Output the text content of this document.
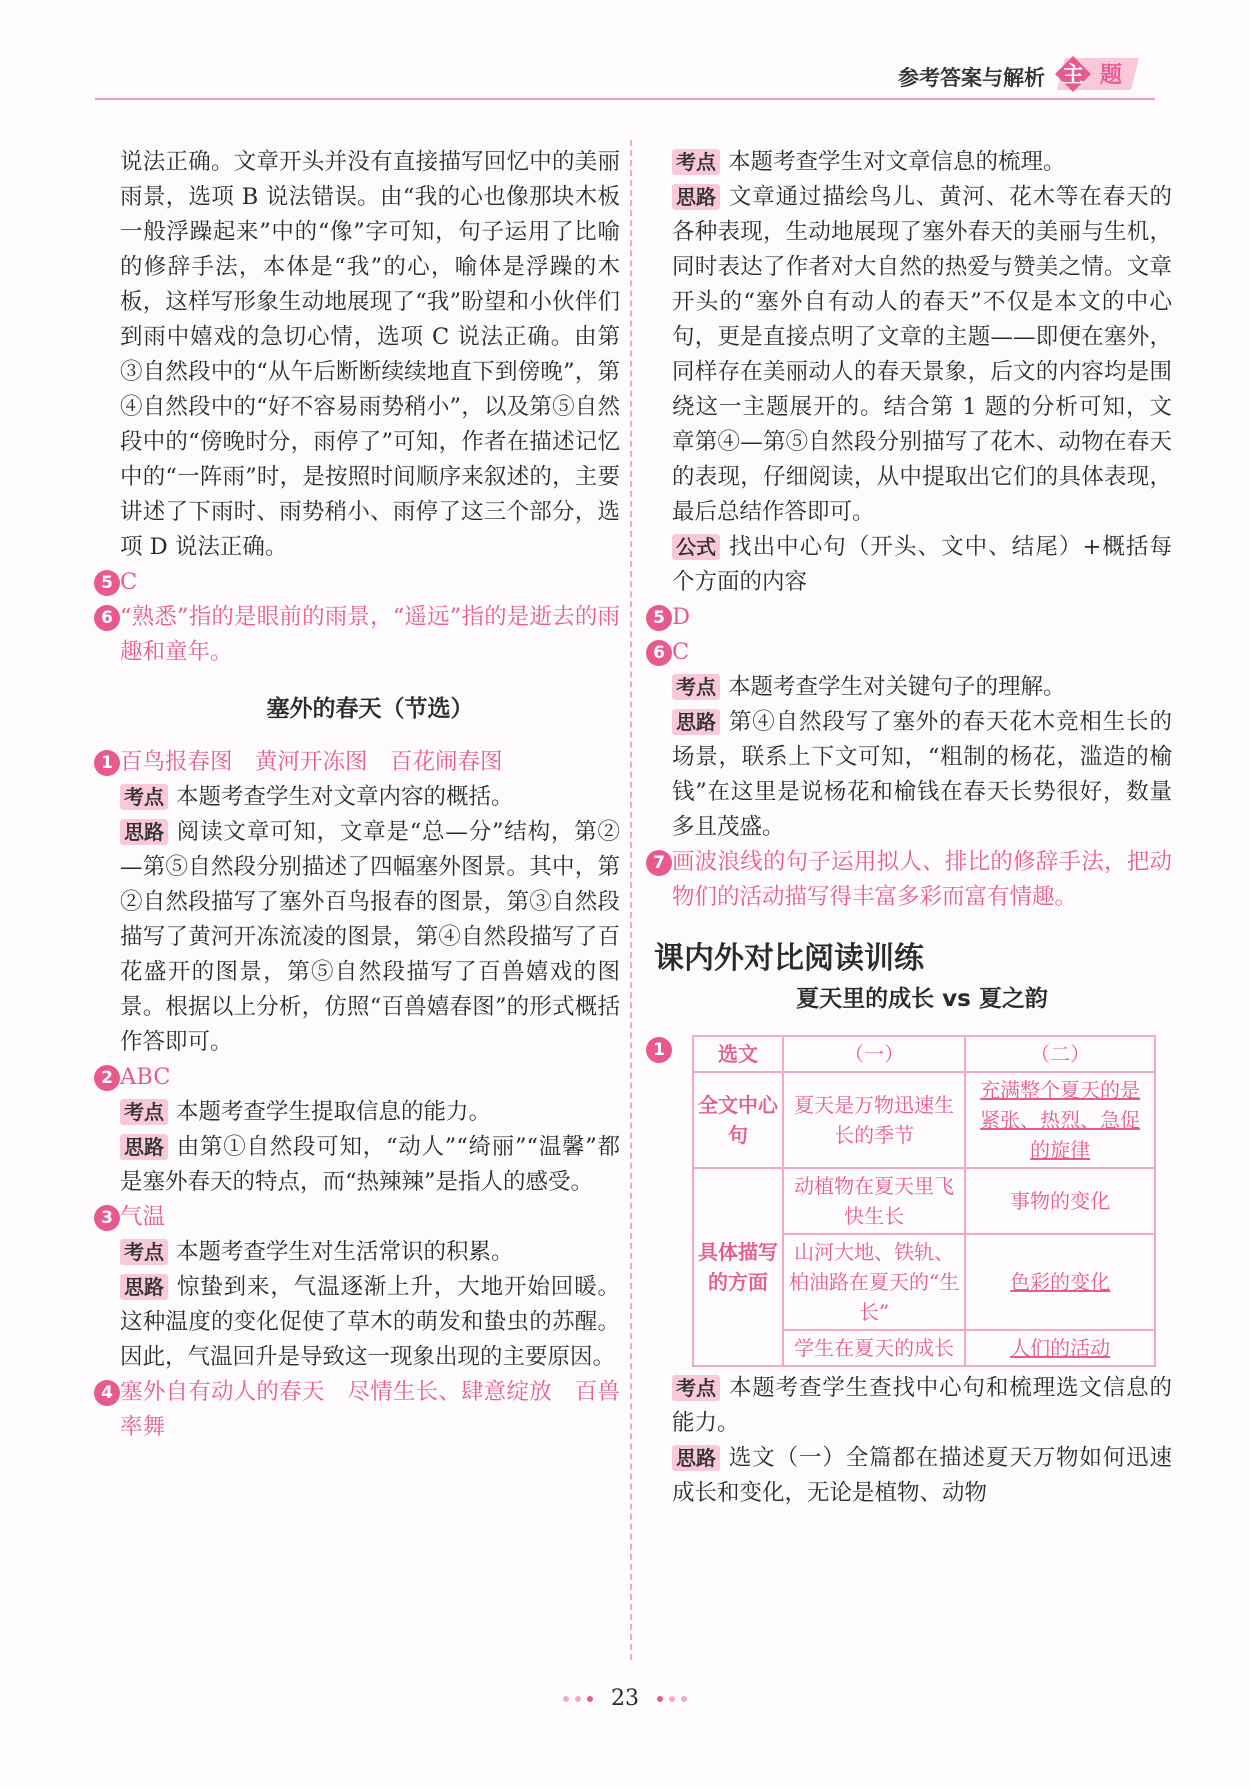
参考答案与解析 主 题

说法正确。文章开头并没有直接描写回忆中的美丽雨景，选项 B 说法错误。由“我的心也像那块木板一般浮躁起来”中的“像”字可知，句子运用了比喻的修辞手法，本体是“我”的心，喻体是浮躁的木板，这样写形象生动地展现了“我”盼望和小伙伴们到雨中嬉戏的急切心情，选项 C 说法正确。由第③自然段中的“从午后断断续续地直下到傍晚”，第④自然段中的“好不容易雨势稍小”，以及第⑤自然段中的“傍晚时分，雨停了”可知，作者在描述记忆中的“一阵雨”时，是按照时间顺序来叙述的，主要讲述了下雨时、雨势稍小、雨停了这三个部分，选项 D 说法正确。

5 C

6 “熟悉”指的是眼前的雨景，“遥远”指的是逝去的雨趣和童年。

塞外的春天（节选）

1 百鸟报春图　黄河开冻图　百花闹春图

考点 本题考查学生对文章内容的概括。

思路 阅读文章可知，文章是“总—分”结构，第②—第⑤自然段分别描述了四幅塞外图景。其中，第②自然段描写了塞外百鸟报春的图景，第③自然段描写了黄河开冻流凌的图景，第④自然段描写了百花盛开的图景，第⑤自然段描写了百兽嬉戏的图景。根据以上分析，仿照“百兽嬉春图”的形式概括作答即可。

2 ABC

考点 本题考查学生提取信息的能力。

思路 由第①自然段可知，“动人”“绮丽”“温馨”都是塞外春天的特点，而“热辣辣”是指人的感受。

3 气温

考点 本题考查学生对生活常识的积累。

思路 惊蛰到来，气温逐渐上升，大地开始回暖。这种温度的变化促使了草木的萌发和蛰虫的苏醒。因此，气温回升是导致这一现象出现的主要原因。

4 塞外自有动人的春天　尽情生长、肆意绽放　百兽率舞

考点 本题考查学生对文章信息的梳理。

思路 文章通过描绘鸟儿、黄河、花木等在春天的各种表现，生动地展现了塞外春天的美丽与生机，同时表达了作者对大自然的热爱与赞美之情。文章开头的“塞外自有动人的春天”不仅是本文的中心句，更是直接点明了文章的主题——即便在塞外，同样存在美丽动人的春天景象，后文的内容均是围绕这一主题展开的。结合第 1 题的分析可知，文章第④—第⑤自然段分别描写了花木、动物在春天的表现，仔细阅读，从中提取出它们的具体表现，最后总结作答即可。

公式 找出中心句（开头、文中、结尾）+概括每个方面的内容

5 D

6 C

考点 本题考查学生对关键句子的理解。

思路 第④自然段写了塞外的春天花木竞相生长的场景，联系上下文可知，“粗制的杨花，滥造的榆钱”在这里是说杨花和榆钱在春天长势很好，数量多且茂盛。

7 画波浪线的句子运用拟人、排比的修辞手法，把动物们的活动描写得丰富多彩而富有情趣。

课内外对比阅读训练
夏天里的成长 vs 夏之韵
1	选文	（一）	（二）
全文中心句	夏天是万物迅速生长的季节	充满整个夏天的是紧张、热烈、急促的旋律
具体描写的方面	动植物在夏天里飞快生长	事物的变化
	山河大地、铁轨、柏油路在夏天的“生长”	色彩的变化
	学生在夏天的成长	人们的活动

考点 本题考查学生查找中心句和梳理选文信息的能力。

思路 选文（一）全篇都在描述夏天万物如何迅速成长和变化，无论是植物、动物

23
